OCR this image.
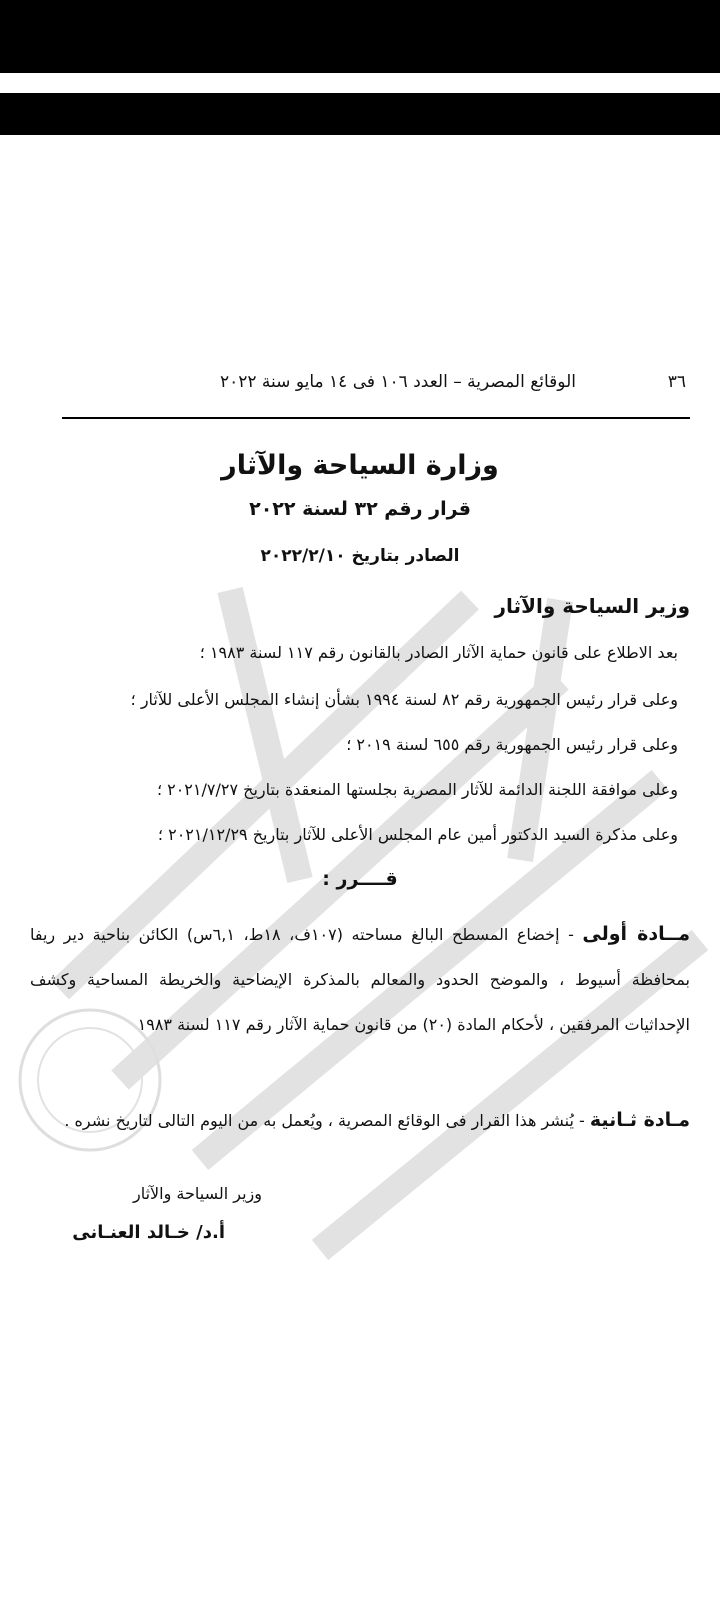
٣٦
الوقائع المصرية – العدد ١٠٦ فى ١٤ مايو سنة ٢٠٢٢
وزارة السياحة والآثار
قرار رقم ٣٢ لسنة ٢٠٢٢
الصادر بتاريخ ٢٠٢٢/٢/١٠
وزير السياحة والآثار
بعد الاطلاع على قانون حماية الآثار الصادر بالقانون رقم ١١٧ لسنة ١٩٨٣ ؛
وعلى قرار رئيس الجمهورية رقم ٨٢ لسنة ١٩٩٤ بشأن إنشاء المجلس الأعلى للآثار ؛
وعلى قرار رئيس الجمهورية رقم ٦٥٥ لسنة ٢٠١٩ ؛
وعلى موافقة اللجنة الدائمة للآثار المصرية بجلستها المنعقدة بتاريخ ٢٠٢١/٧/٢٧ ؛
وعلى مذكرة السيد الدكتور أمين عام المجلس الأعلى للآثار بتاريخ ٢٠٢١/١٢/٢٩ ؛
قــــرر :
مــادة أولى - إخضاع المسطح البالغ مساحته (١٠٧ف، ١٨ط، ٦,١س) الكائن بناحية دير ريفا بمحافظة أسيوط ، والموضح الحدود والمعالم بالمذكرة الإيضاحية والخريطة المساحية وكشف الإحداثيات المرفقين ، لأحكام المادة (٢٠) من قانون حماية الآثار رقم ١١٧ لسنة ١٩٨٣
مـادة ثـانية - يُنشر هذا القرار فى الوقائع المصرية ، ويُعمل به من اليوم التالى لتاريخ نشره .
وزير السياحة والآثار
أ.د/ خـالد العنـانى
